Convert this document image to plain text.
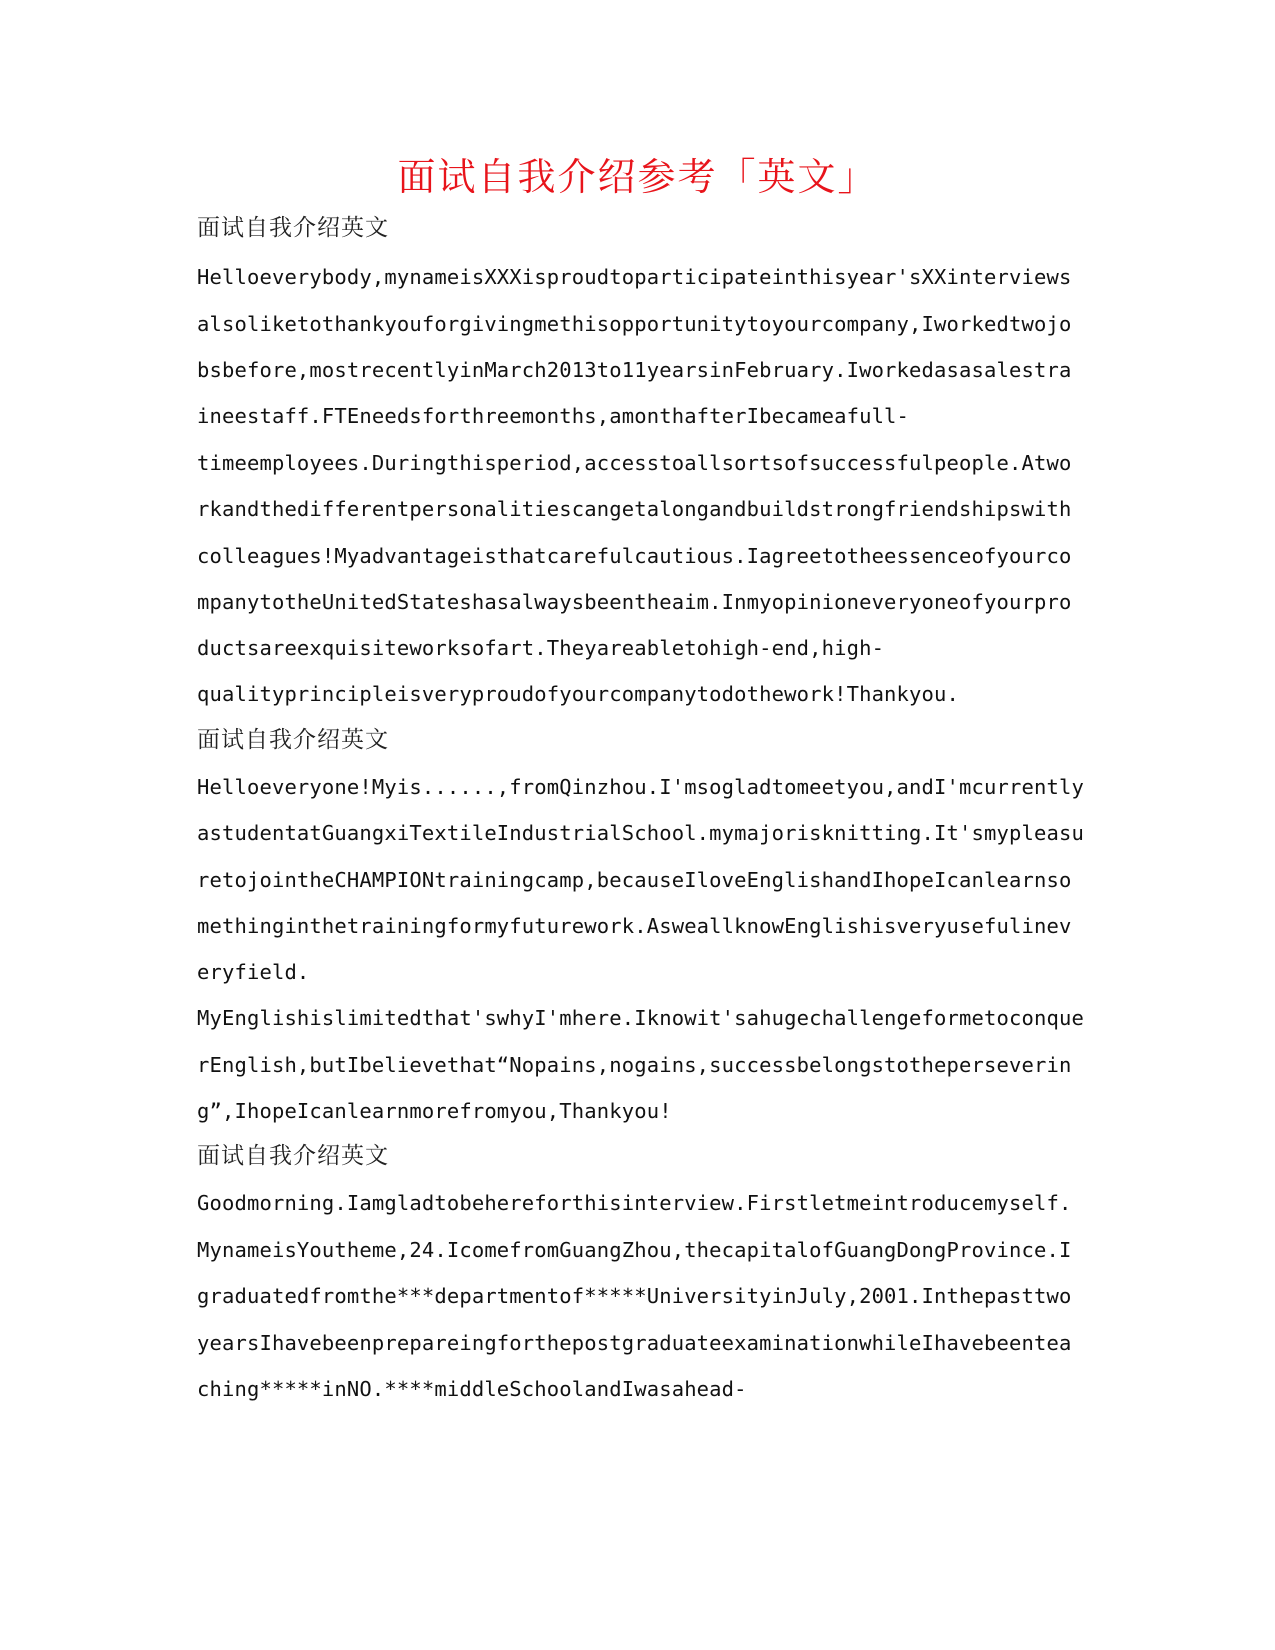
面试自我介绍参考「英文」
面试自我介绍英文
Helloeverybody,mynameisXXXisproudtoparticipateinthisyear'sXXinterviews
alsoliketothankyouforgivingmethisopportunitytoyourcompany,Iworkedtwojo
bsbefore,mostrecentlyinMarch2013to11yearsinFebruary.Iworkedasasalestra
ineestaff.FTEneedsforthreemonths,amonthafterIbecameafull-
timeemployees.Duringthisperiod,accesstoallsortsofsuccessfulpeople.Atwo
rkandthedifferentpersonalitiescangetalongandbuildstrongfriendshipswith
colleagues!Myadvantageisthatcarefulcautious.Iagreetotheessenceofyourco
mpanytotheUnitedStateshasalwaysbeentheaim.Inmyopinioneveryoneofyourpro
ductsareexquisiteworksofart.Theyareabletohigh-end,high-
qualityprincipleisveryproudofyourcompanytodothework!Thankyou.
面试自我介绍英文
Helloeveryone!Myis......,fromQinzhou.I'msogladtomeetyou,andI'mcurrently
astudentatGuangxiTextileIndustrialSchool.mymajorisknitting.It'smypleasu
retojointheCHAMPIONtrainingcamp,becauseIloveEnglishandIhopeIcanlearnso
methinginthetrainingformyfuturework.AsweallknowEnglishisveryusefulinev
eryfield.
MyEnglishislimitedthat'swhyI'mhere.Iknowit'sahugechallengeformetoconque
rEnglish,butIbelievethat“Nopains,nogains,successbelongstotheperseverin
g”,IhopeIcanlearnmorefromyou,Thankyou!
面试自我介绍英文
Goodmorning.Iamgladtobehereforthisinterview.Firstletmeintroducemyself.
MynameisYoutheme,24.IcomefromGuangZhou,thecapitalofGuangDongProvince.I
graduatedfromthe***departmentof*****UniversityinJuly,2001.Inthepasttwo
yearsIhavebeenprepareingforthepostgraduateexaminationwhileIhavebeentea
ching*****inNO.****middleSchoolandIwasahead-
